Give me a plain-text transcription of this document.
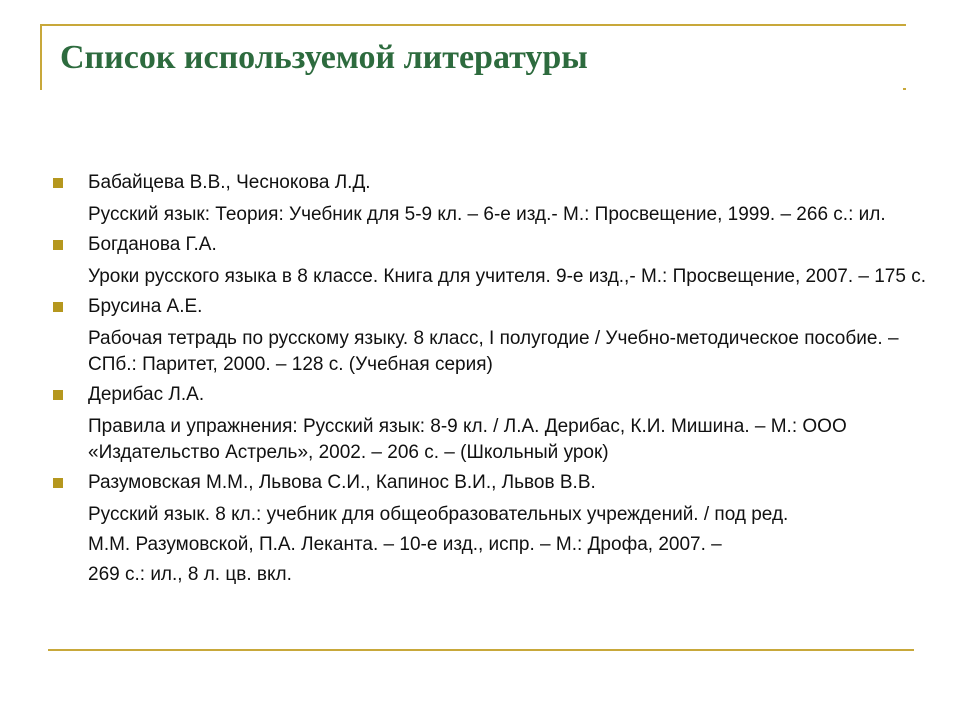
Список используемой литературы
Бабайцева В.В., Чеснокова Л.Д.
Русский язык: Теория: Учебник для 5-9 кл. – 6-е изд.- М.: Просвещение, 1999. – 266 с.: ил.
Богданова Г.А.
Уроки русского языка в 8 классе. Книга для учителя. 9-е изд.,- М.: Просвещение, 2007. – 175 с.
Брусина А.Е.
Рабочая тетрадь по русскому языку. 8 класс, I полугодие / Учебно-методическое пособие. – СПб.: Паритет, 2000. – 128 с. (Учебная серия)
Дерибас Л.А.
Правила и упражнения: Русский язык: 8-9 кл. / Л.А. Дерибас, К.И. Мишина. – М.: ООО «Издательство Астрель», 2002. – 206 с. – (Школьный урок)
Разумовская М.М., Львова С.И., Капинос В.И., Львов В.В.
Русский язык. 8 кл.: учебник для общеобразовательных учреждений. / под ред.
М.М. Разумовской, П.А. Леканта. – 10-е изд., испр. – М.: Дрофа, 2007. –
269 с.: ил., 8 л. цв. вкл.
